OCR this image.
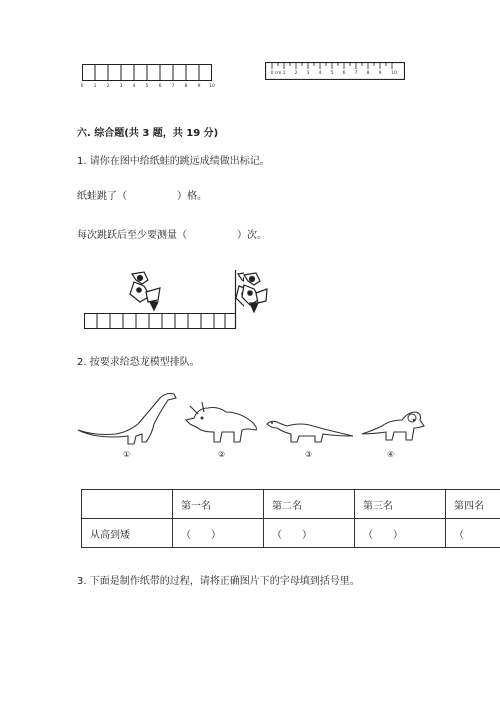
0 1 2 3 4 5 6 7 8 9 10
0 cm 1 2 3 4 5 6 7 8 9 10
六. 综合题(共 3 题，共 19 分)
1. 请你在图中给纸蛙的跳远成绩做出标记。
纸蛙跳了（　　　　　）格。
每次跳跃后至少要测量（　　　　　）次。
2. 按要求给恐龙模型排队。
①	②	③	④
	第一名	第二名	第三名	第四名
从高到矮	（　　）	（　　）	（　　）	（
3. 下面是制作纸带的过程，请将正确图片下的字母填到括号里。
